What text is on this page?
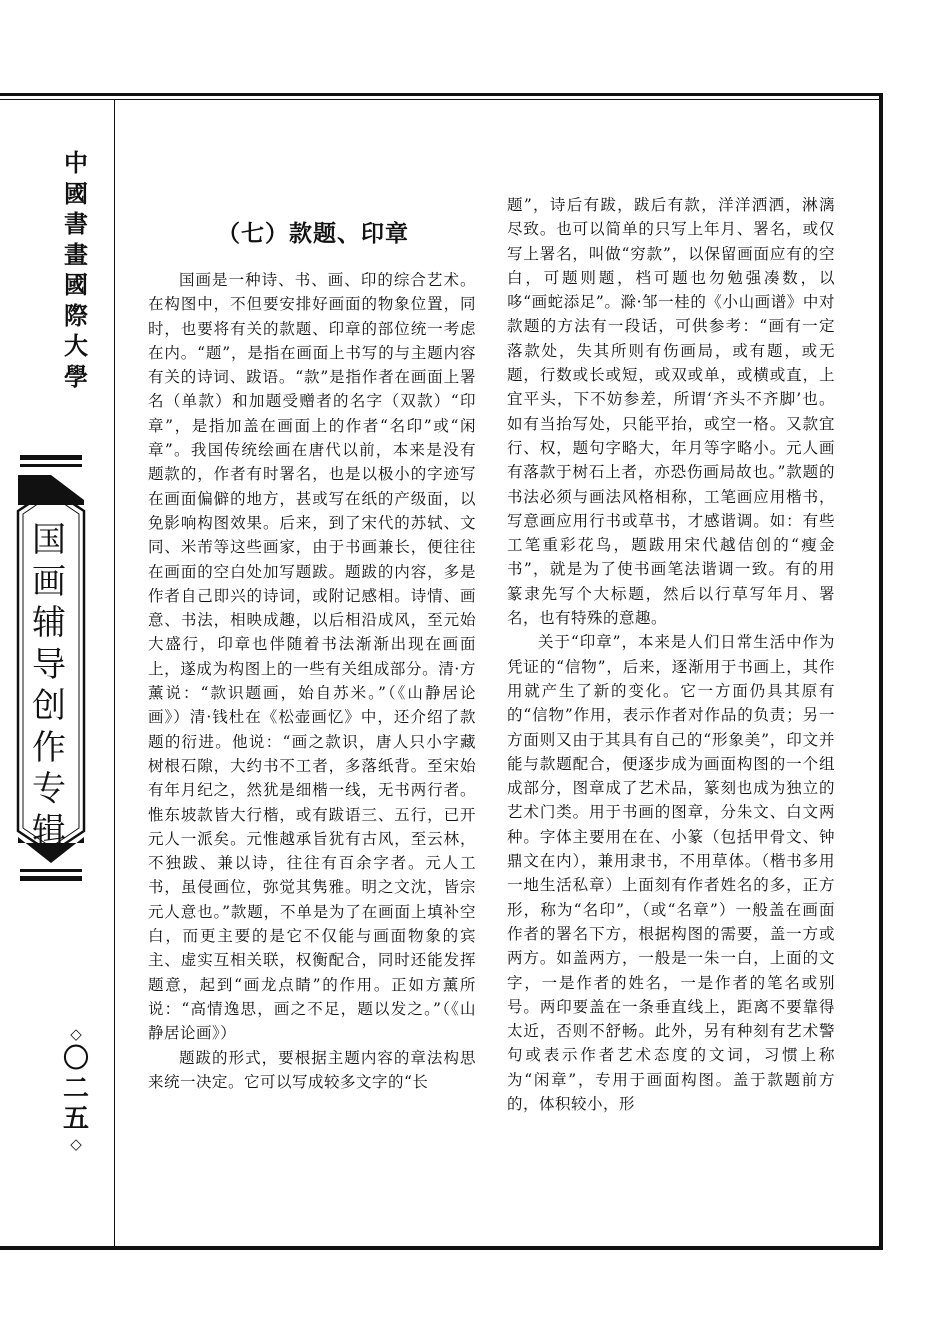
中
國
書
畫
國
際
大
學
国
画
辅
导
创
作
专
辑
◇
〇
二
五
◇
（七）款题、印章

国画是一种诗、书、画、印的综合艺术。在构图中，不但要安排好画面的物象位置，同时，也要将有关的款题、印章的部位统一考虑在内。“题”，是指在画面上书写的与主题内容有关的诗词、跋语。“款”是指作者在画面上署名（单款）和加题受赠者的名字（双款）“印章”，是指加盖在画面上的作者“名印”或“闲章”。我国传统绘画在唐代以前，本来是没有题款的，作者有时署名，也是以极小的字迹写在画面偏僻的地方，甚或写在纸的产级面，以免影响构图效果。后来，到了宋代的苏轼、文同、米芾等这些画家，由于书画兼长，便往往在画面的空白处加写题跋。题跋的内容，多是作者自己即兴的诗词，或附记感相。诗情、画意、书法，相映成趣，以后相沿成风，至元始大盛行，印章也伴随着书法渐渐出现在画面上，遂成为构图上的一些有关组成部分。清·方薰说：“款识题画，始自苏米。”（《山静居论画》）清·钱杜在《松壶画忆》中，还介绍了款题的衍进。他说：“画之款识，唐人只小字藏树根石隙，大约书不工者，多落纸背。至宋始有年月纪之，然犹是细楷一线，无书两行者。惟东坡款皆大行楷，或有跋语三、五行，已开元人一派矣。元惟越承旨犹有古风，至云林，不独跋、兼以诗，往往有百余字者。元人工书，虽侵画位，弥觉其隽雅。明之文沈，皆宗元人意也。”款题，不单是为了在画面上填补空白，而更主要的是它不仅能与画面物象的宾主、虚实互相关联，权衡配合，同时还能发挥题意，起到“画龙点睛”的作用。正如方薰所说：“高情逸思，画之不足，题以发之。”（《山静居论画》）

题跋的形式，要根据主题内容的章法构思来统一决定。它可以写成较多文字的“长

题”，诗后有跋，跋后有款，洋洋洒洒，淋漓尽致。也可以简单的只写上年月、署名，或仅写上署名，叫做“穷款”，以保留画面应有的空白，可题则题，档可题也勿勉强凑数，以哆“画蛇添足”。滁·邹一桂的《小山画谱》中对款题的方法有一段话，可供参考：“画有一定落款处，失其所则有伤画局，或有题，或无题，行数或长或短，或双或单，或横或直，上宜平头，下不妨参差，所谓‘齐头不齐脚’也。如有当抬写处，只能平抬，或空一格。又款宜行、权，题句字略大，年月等字略小。元人画有落款于树石上者，亦恐伤画局故也。”款题的书法必须与画法风格相称，工笔画应用楷书，写意画应用行书或草书，才感谐调。如：有些工笔重彩花鸟，题跋用宋代越佶创的“瘦金书”，就是为了使书画笔法谐调一致。有的用篆隶先写个大标题，然后以行草写年月、署名，也有特殊的意趣。

关于“印章”，本来是人们日常生活中作为凭证的“信物”，后来，逐渐用于书画上，其作用就产生了新的变化。它一方面仍具其原有的“信物”作用，表示作者对作品的负责；另一方面则又由于其具有自己的“形象美”，印文并能与款题配合，便逐步成为画面构图的一个组成部分，图章成了艺术品，篆刻也成为独立的艺术门类。用于书画的图章，分朱文、白文两种。字体主要用在在、小篆（包括甲骨文、钟鼎文在内），兼用隶书，不用草体。（楷书多用一地生活私章）上面刻有作者姓名的多，正方形，称为“名印”，（或“名章”）一般盖在画面作者的署名下方，根据构图的需要，盖一方或两方。如盖两方，一般是一朱一白，上面的文字，一是作者的姓名，一是作者的笔名或别号。两印要盖在一条垂直线上，距离不要靠得太近，否则不舒畅。此外，另有种刻有艺术警句或表示作者艺术态度的文词，习惯上称为“闲章”，专用于画面构图。盖于款题前方的，体积较小，形
